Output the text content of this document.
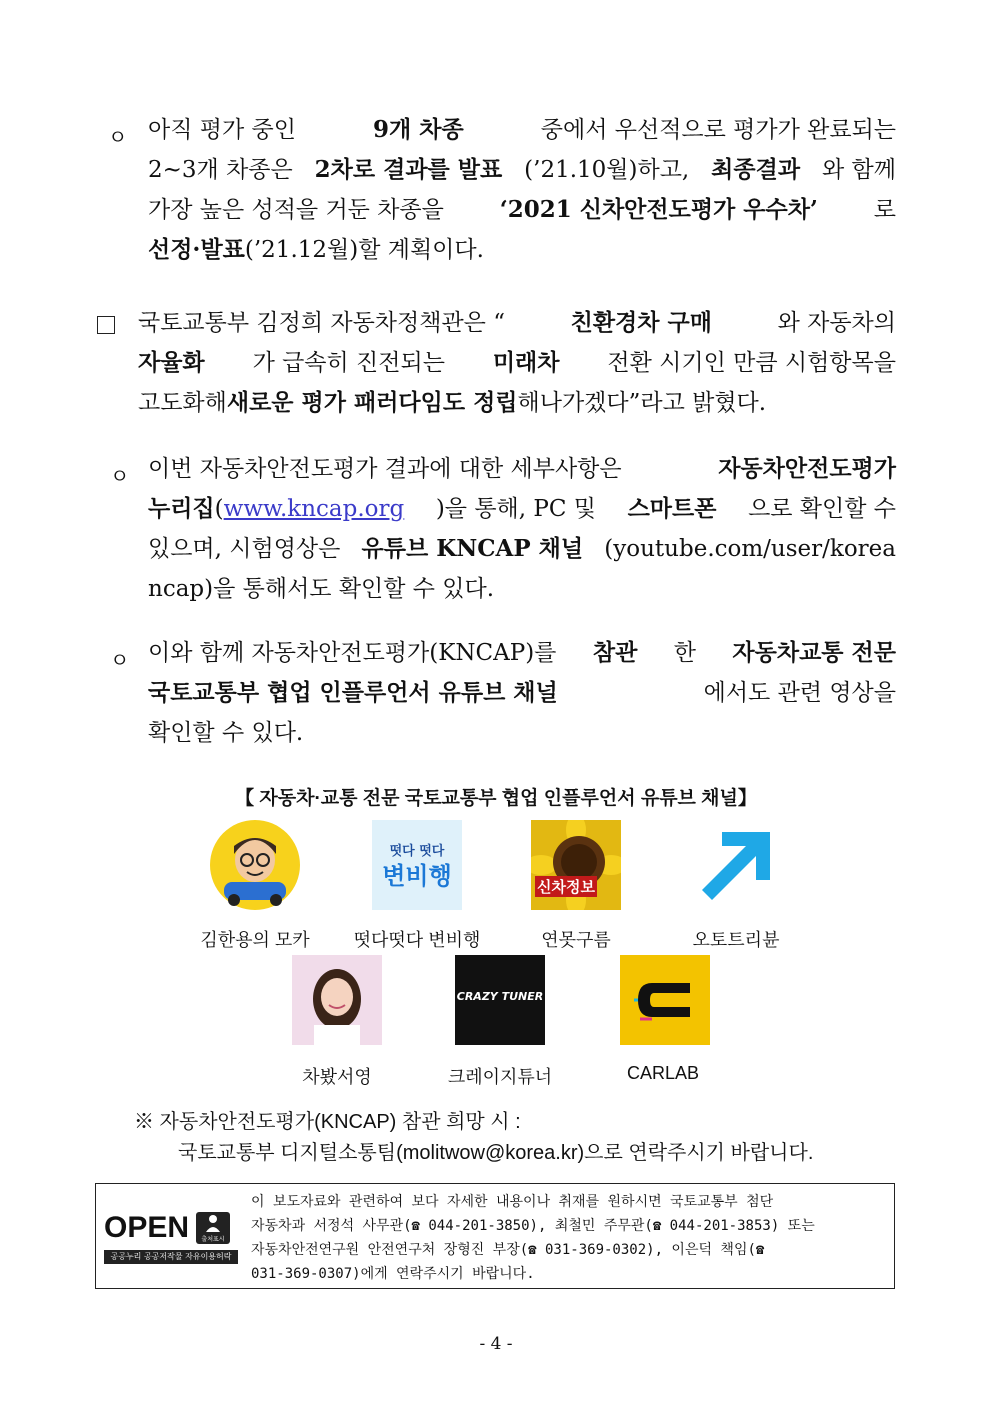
ㅇ 아직 평가 중인	9개 차종	중에서 우선적으로 평가가 완료되는
2~3개 차종은 2차로 결과를 발표 (’21.10월)하고, 최종결과 와 함께
가장 높은 성적을 거둔 차종을 ‘2021 신차안전도평가 우수차’ 로
선정·발표 (’21.12월)할 계획이다.
국토교통부 김정희 자동차정책관은 “	친환경차 구매	와 자동차의
자율화 가 급속히 진전되는 미래차 전환 시기인 만큼 시험항목을
고도화해 새로운 평가 패러다임도 정립 해나가겠다”라고 밝혔다.
ㅇ 이번 자동차안전도평가 결과에 대한 세부사항은	자동차안전도평가
누리집(www.kncap.org )을 통해, PC 및 스마트폰 으로 확인할 수
있으며, 시험영상은 유튜브 KNCAP 채널 (youtube.com/user/korea
ncap)을 통해서도 확인할 수 있다.
ㅇ 이와 함께 자동차안전도평가(KNCAP)를 참관 한 자동차교통 전문
국토교통부 협업 인플루언서 유튜브 채널	에서도 관련 영상을
확인할 수 있다.
【 자동차·교통 전문 국토교통부 협업 인플루언서 유튜브 채널】
떳다 떳다
변비행	신차정보
김한용의 모카	떳다떳다 변비행	연못구름	오토트리뷴
CRAZY TUNER
차봤서영	크레이지튜너	CARLAB
※ 자동차안전도평가(KNCAP) 참관 희망 시 :
국토교통부 디지털소통팀(molitwow@korea.kr)으로 연락주시기 바랍니다.
OPEN	출처표시
공공누리 공공저작물 자유이용허락
이 보도자료와 관련하여 보다 자세한 내용이나 취재를 원하시면 국토교통부 첨단
자동차과 서정석 사무관(☎ 044-201-3850), 최철민 주무관(☎ 044-201-3853) 또는
자동차안전연구원 안전연구처 장형진 부장(☎ 031-369-0302), 이은덕 책임(☎
031-369-0307)에게 연락주시기 바랍니다.
- 4 -
